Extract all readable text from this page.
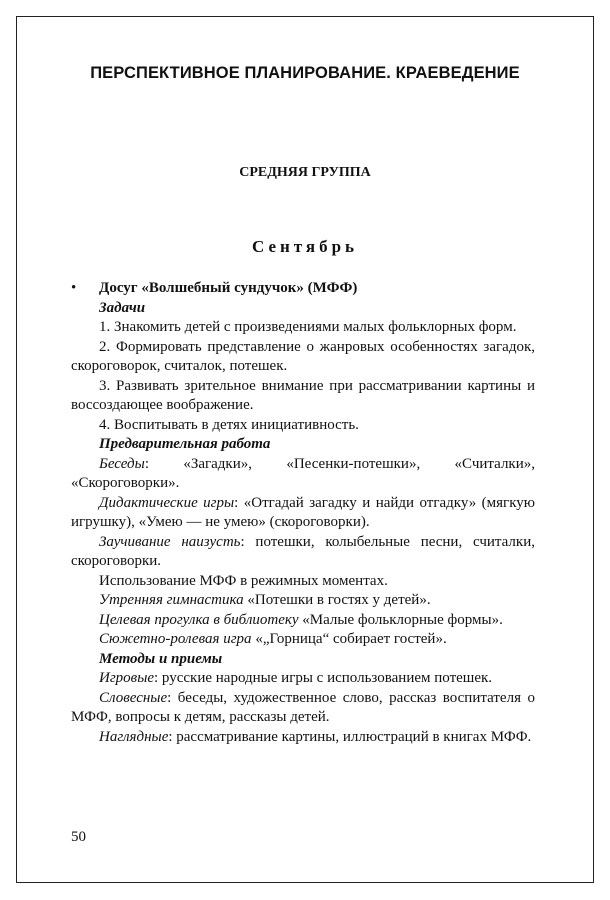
ПЕРСПЕКТИВНОЕ ПЛАНИРОВАНИЕ. КРАЕВЕДЕНИЕ
СРЕДНЯЯ ГРУППА
Сентябрь

• Досуг «Волшебный сундучок» (МФФ)

Задачи

1. Знакомить детей с произведениями малых фольклорных форм.

2. Формировать представление о жанровых особенностях загадок, скороговорок, считалок, потешек.

3. Развивать зрительное внимание при рассматривании картины и воссоздающее воображение.

4. Воспитывать в детях инициативность.

Предварительная работа

Беседы: «Загадки», «Песенки-потешки», «Считалки», «Скороговорки».

Дидактические игры: «Отгадай загадку и найди отгадку» (мягкую игрушку), «Умею — не умею» (скороговорки).

Заучивание наизусть: потешки, колыбельные песни, считалки, скороговорки.

Использование МФФ в режимных моментах.

Утренняя гимнастика «Потешки в гостях у детей».

Целевая прогулка в библиотеку «Малые фольклорные формы».

Сюжетно-ролевая игра «„Горница“ собирает гостей».

Методы и приемы

Игровые: русские народные игры с использованием потешек.

Словесные: беседы, художественное слово, рассказ воспитателя о МФФ, вопросы к детям, рассказы детей.

Наглядные: рассматривание картины, иллюстраций в книгах МФФ.

50
